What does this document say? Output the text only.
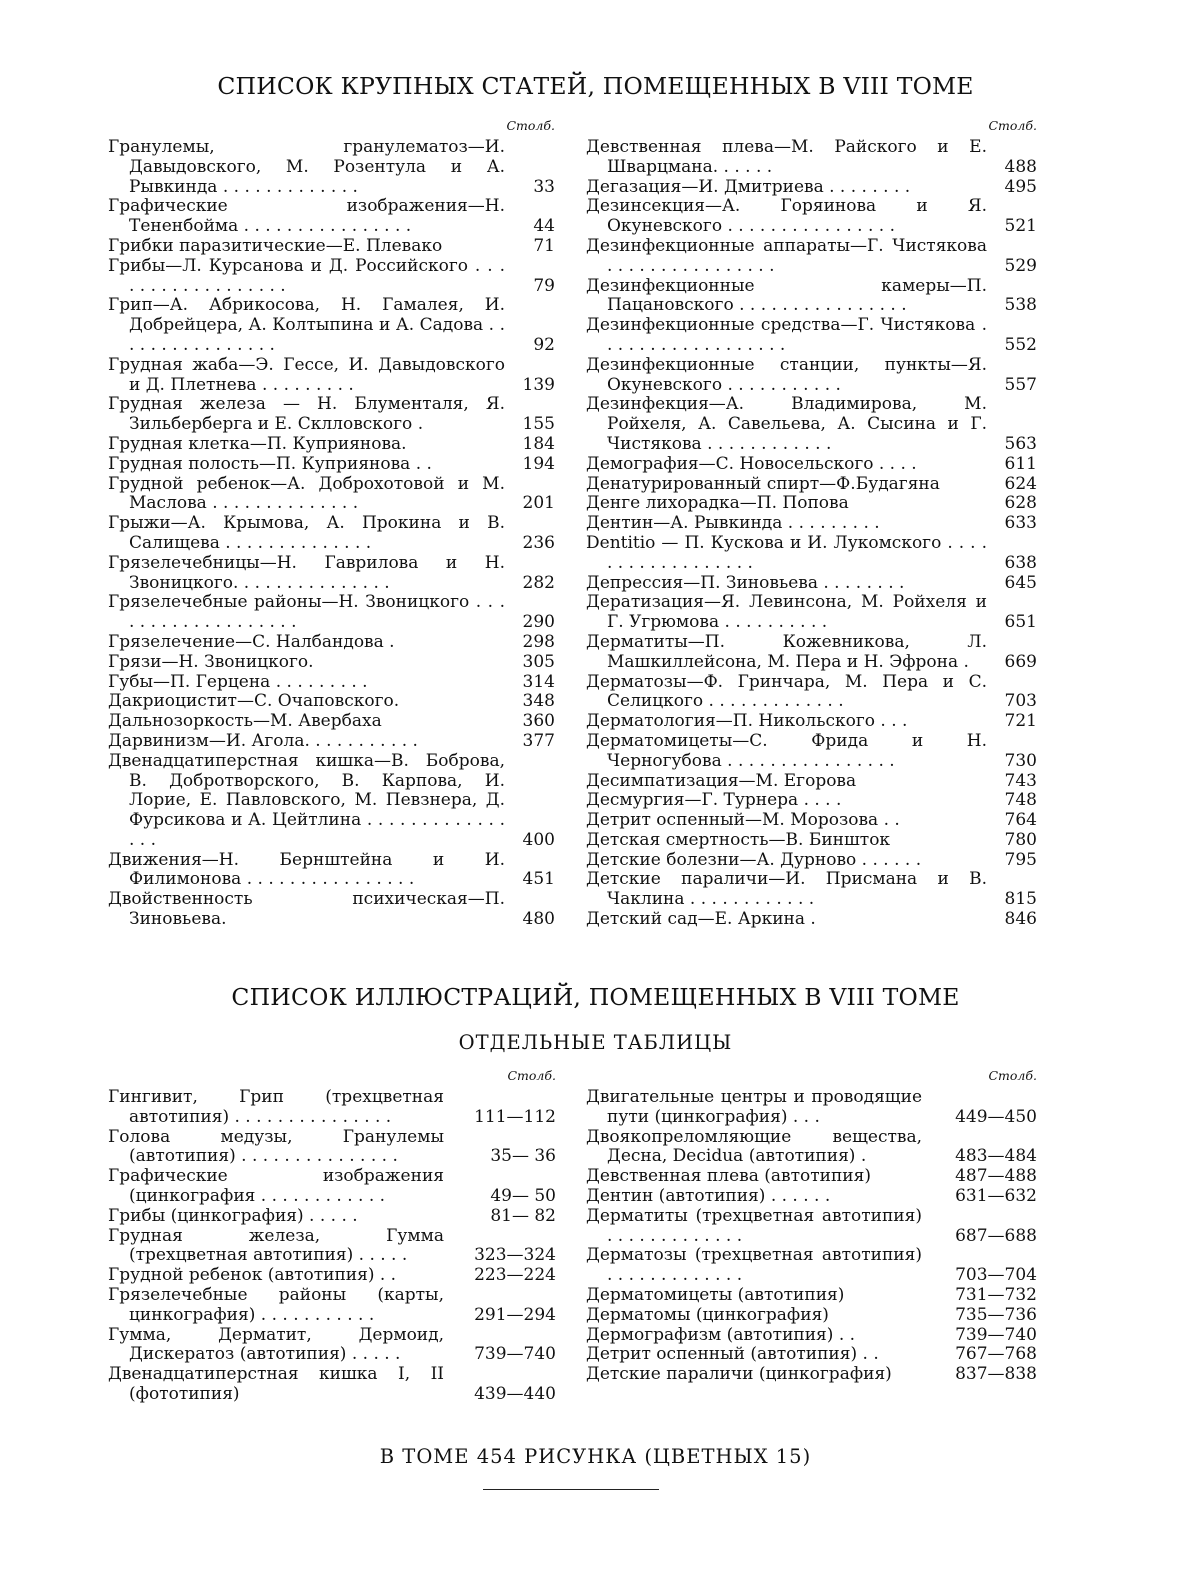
СПИСОК КРУПНЫХ СТАТЕЙ, ПОМЕЩЕННЫХ В VIII ТОМЕ
Столб.
Гранулемы, гранулематоз—И. Давыдовского, М. Розентула и А. Рывкинда . . . . . . . . . . . . .	33
Графические изображения—Н. Тененбойма . . . . . . . . . . . . . . . .	44
Грибки паразитические—Е. Плевако	71
Грибы—Л. Курсанова и Д. Российского . . . . . . . . . . . . . . . . . .	79
Грип—А. Абрикосова, Н. Гамалея, И. Добрейцера, А. Колтыпина и А. Садова . . . . . . . . . . . . . . . .	92
Грудная жаба—Э. Гессе, И. Давыдовского и Д. Плетнева . . . . . . . . .	139
Грудная железа — Н. Блументаля, Я. Зильберберга и Е. Склловского .	155
Грудная клетка—П. Куприянова.	184
Грудная полость—П. Куприянова . .	194
Грудной ребенок—А. Доброхотовой и М. Маслова . . . . . . . . . . . . . .	201
Грыжи—А. Крымова, А. Прокина и В. Салищева . . . . . . . . . . . . . .	236
Грязелечебницы—Н. Гаврилова и Н. Звоницкого. . . . . . . . . . . . . . .	282
Грязелечебные районы—Н. Звоницкого . . . . . . . . . . . . . . . . . . .	290
Грязелечение—С. Налбандова .	298
Грязи—Н. Звоницкого.	305
Губы—П. Герцена . . . . . . . . .	314
Дакриоцистит—С. Очаповского.	348
Дальнозоркость—М. Авербаха	360
Дарвинизм—И. Агола. . . . . . . . . . .	377
Двенадцатиперстная кишка—В. Боброва, В. Добротворского, В. Карпова, И. Лорие, Е. Павловского, М. Певзнера, Д. Фурсикова и А. Цейтлина . . . . . . . . . . . . . . . .	400
Движения—Н. Бернштейна и И. Филимонова . . . . . . . . . . . . . . . .	451
Двойственность психическая—П. Зиновьева.	480
Столб.
Девственная плева—М. Райского и Е. Шварцмана. . . . . .	488
Дегазация—И. Дмитриева . . . . . . . .	495
Дезинсекция—А. Горяинова и Я. Окуневского . . . . . . . . . . . . . . . .	521
Дезинфекционные аппараты—Г. Чистякова . . . . . . . . . . . . . . . .	529
Дезинфекционные камеры—П. Пацановского . . . . . . . . . . . . . . . .	538
Дезинфекционные средства—Г. Чистякова . . . . . . . . . . . . . . . . . .	552
Дезинфекционные станции, пункты—Я. Окуневского . . . . . . . . . . .	557
Дезинфекция—А. Владимирова, М. Ройхеля, А. Савельева, А. Сысина и Г. Чистякова . . . . . . . . . . . .	563
Демография—С. Новосельского . . . .	611
Денатурированный спирт—Ф.Будагяна	624
Денге лихорадка—П. Попова	628
Дентин—А. Рывкинда . . . . . . . . .	633
Dentitio — П. Кускова и И. Лукомского . . . . . . . . . . . . . . . . . .	638
Депрессия—П. Зиновьева . . . . . . . .	645
Дератизация—Я. Левинсона, М. Ройхеля и Г. Угрюмова . . . . . . . . . .	651
Дерматиты—П. Кожевникова, Л. Машкиллейсона, М. Пера и Н. Эфрона .	669
Дерматозы—Ф. Гринчара, М. Пера и С. Селицкого . . . . . . . . . . . . .	703
Дерматология—П. Никольского . . .	721
Дерматомицеты—С. Фрида и Н. Черногубова . . . . . . . . . . . . . . . .	730
Десимпатизация—М. Егорова	743
Десмургия—Г. Турнера . . . .	748
Детрит оспенный—М. Морозова . .	764
Детская смертность—В. Биншток	780
Детские болезни—А. Дурново . . . . . .	795
Детские параличи—И. Присмана и В. Чаклина . . . . . . . . . . . .	815
Детский сад—Е. Аркина .	846
СПИСОК ИЛЛЮСТРАЦИЙ, ПОМЕЩЕННЫХ В VIII ТОМЕ
ОТДЕЛЬНЫЕ ТАБЛИЦЫ
Столб.
Гингивит, Грип (трехцветная автотипия) . . . . . . . . . . . . . . .	111—112
Голова медузы, Гранулемы (автотипия) . . . . . . . . . . . . . . .	35— 36
Графические изображения (цинкография . . . . . . . . . . . .	49— 50
Грибы (цинкография) . . . . .	81— 82
Грудная железа, Гумма (трехцветная автотипия) . . . . .	323—324
Грудной ребенок (автотипия) . .	223—224
Грязелечебные районы (карты, цинкография) . . . . . . . . . . .	291—294
Гумма, Дерматит, Дермоид, Дискератоз (автотипия) . . . . .	739—740
Двенадцатиперстная кишка I, II (фототипия)	439—440
Столб.
Двигательные центры и проводящие пути (цинкография) . . .	449—450
Двоякопреломляющие вещества, Десна, Decidua (автотипия) .	483—484
Девственная плева (автотипия)	487—488
Дентин (автотипия) . . . . . .	631—632
Дерматиты (трехцветная автотипия) . . . . . . . . . . . . .	687—688
Дерматозы (трехцветная автотипия) . . . . . . . . . . . . .	703—704
Дерматомицеты (автотипия)	731—732
Дерматомы (цинкография)	735—736
Дермографизм (автотипия) . .	739—740
Детрит оспенный (автотипия) . .	767—768
Детские параличи (цинкография)	837—838
В ТОМЕ 454 РИСУНКА (ЦВЕТНЫХ 15)
